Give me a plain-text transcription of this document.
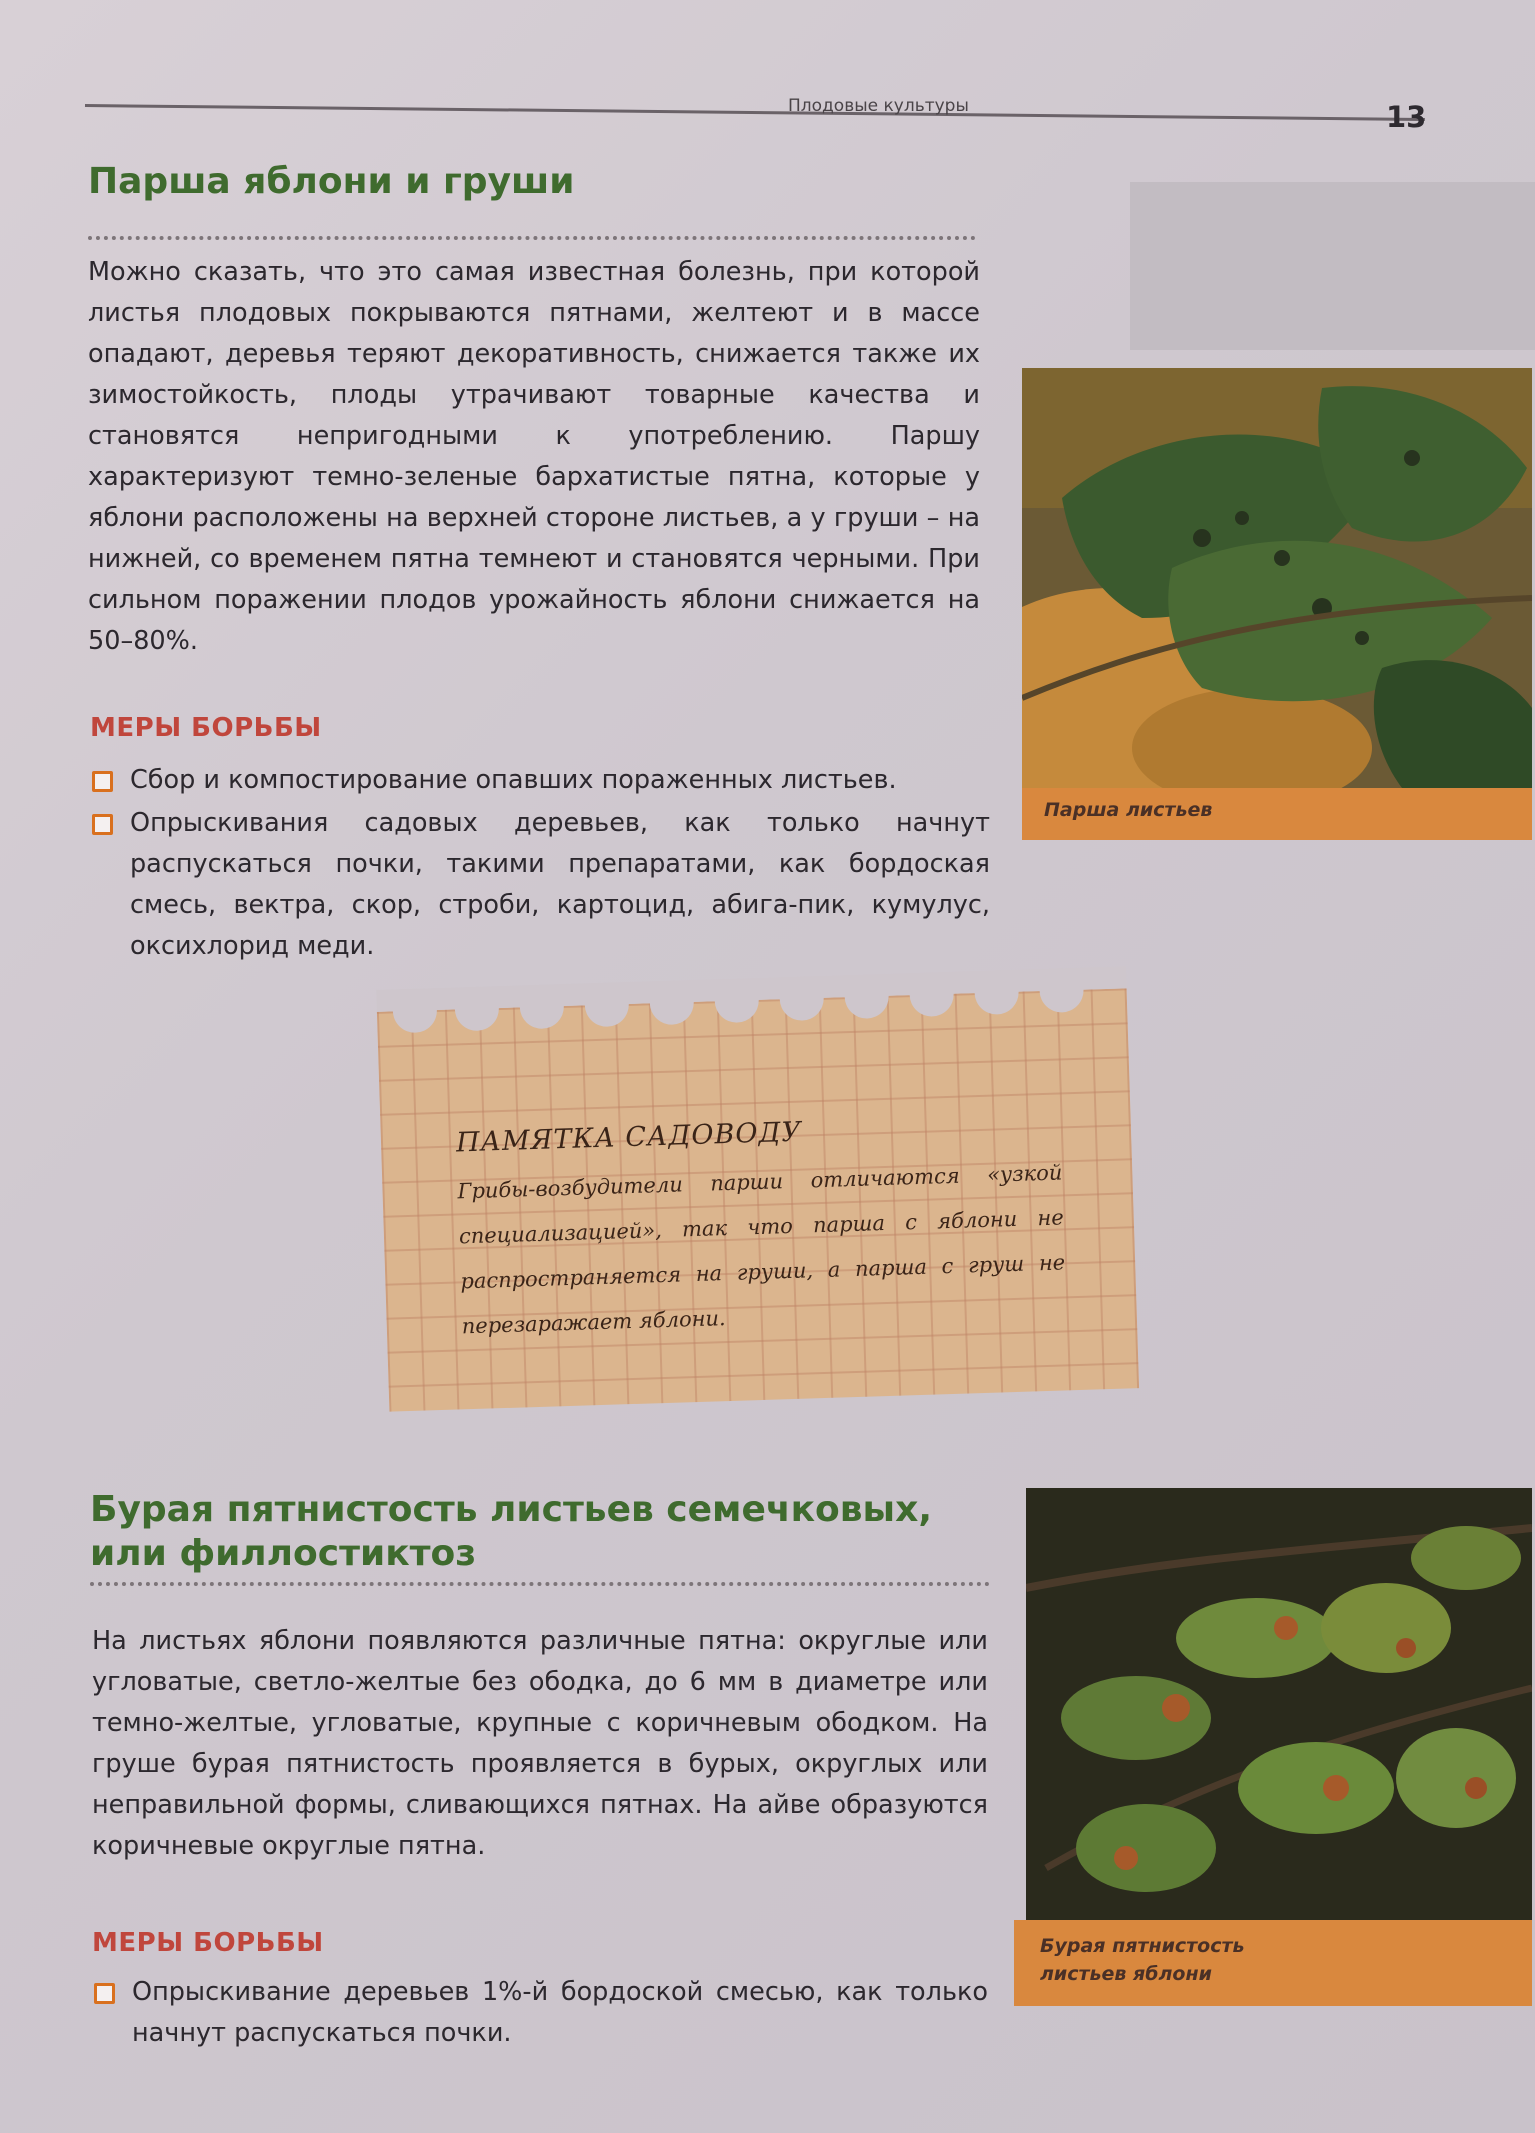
Плодовые культуры	13
Парша яблони и груши

Можно сказать, что это самая известная болезнь, при которой листья плодовых покрываются пятнами, желтеют и в массе опадают, деревья теряют декоративность, снижается также их зимостойкость, плоды утрачивают товарные качества и становятся непригодными к употреблению. Паршу характеризуют темно-зеленые бархатистые пятна, которые у яблони расположены на верхней стороне листьев, а у груши – на нижней, со временем пятна темнеют и становятся черными. При сильном поражении плодов урожайность яблони снижается на 50–80%.

МЕРЫ БОРЬБЫ
Сбор и компостирование опавших пораженных листьев.
Опрыскивания садовых деревьев, как только начнут распускаться почки, такими препаратами, как бордоская смесь, вектра, скор, строби, картоцид, абига-пик, кумулус, оксихлорид меди.
Парша листьев
ПАМЯТКА САДОВОДУ

Грибы-возбудители парши отличаются «узкой специализацией», так что парша с яблони не распространяется на груши, а парша с груш не перезаражает яблони.

Бурая пятнистость листьев семечковых,
или филлостиктоз

На листьях яблони появляются различные пятна: округлые или угловатые, светло-желтые без ободка, до 6 мм в диаметре или темно-желтые, угловатые, крупные с коричневым ободком. На груше бурая пятнистость проявляется в бурых, округлых или неправильной формы, сливающихся пятнах. На айве образуются коричневые округлые пятна.

МЕРЫ БОРЬБЫ
Опрыскивание деревьев 1%-й бордоской смесью, как только начнут распускаться почки.
Бурая пятнистость
листьев яблони
